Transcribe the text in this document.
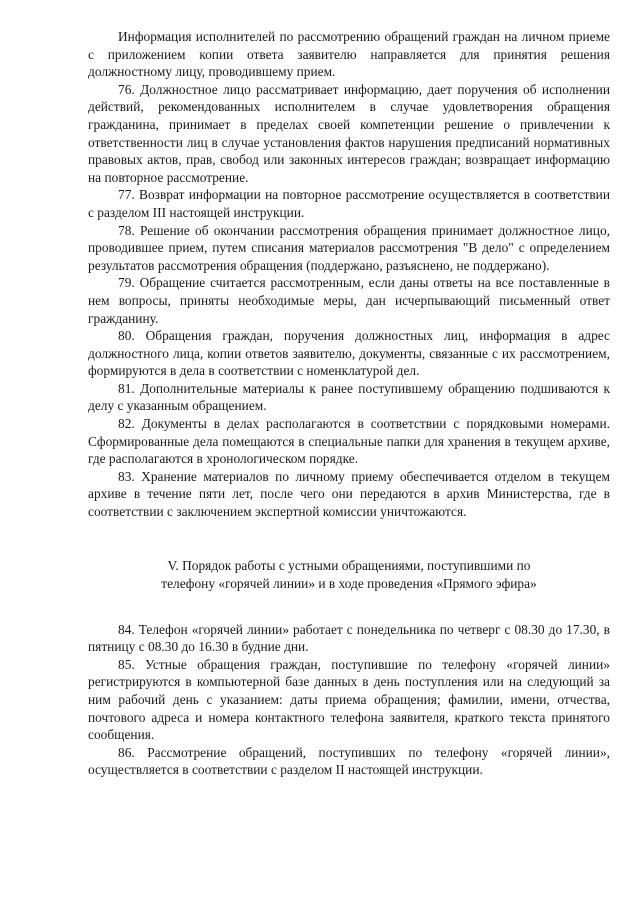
Информация исполнителей по рассмотрению обращений граждан на личном приеме с приложением копии ответа заявителю направляется для принятия решения должностному лицу, проводившему прием.

76. Должностное лицо рассматривает информацию, дает поручения об исполнении действий, рекомендованных исполнителем в случае удовлетворения обращения гражданина, принимает в пределах своей компетенции решение о привлечении к ответственности лиц в случае установления фактов нарушения предписаний нормативных правовых актов, прав, свобод или законных интересов граждан; возвращает информацию на повторное рассмотрение.

77. Возврат информации на повторное рассмотрение осуществляется в соответствии с разделом III настоящей инструкции.

78. Решение об окончании рассмотрения обращения принимает должностное лицо, проводившее прием, путем списания материалов рассмотрения "В дело" с определением результатов рассмотрения обращения (поддержано, разъяснено, не поддержано).

79. Обращение считается рассмотренным, если даны ответы на все поставленные в нем вопросы, приняты необходимые меры, дан исчерпывающий письменный ответ гражданину.

80. Обращения граждан, поручения должностных лиц, информация в адрес должностного лица, копии ответов заявителю, документы, связанные с их рассмотрением, формируются в дела в соответствии с номенклатурой дел.

81. Дополнительные материалы к ранее поступившему обращению подшиваются к делу с указанным обращением.

82. Документы в делах располагаются в соответствии с порядковыми номерами. Сформированные дела помещаются в специальные папки для хранения в текущем архиве, где располагаются в хронологическом порядке.

83. Хранение материалов по личному приему обеспечивается отделом в текущем архиве в течение пяти лет, после чего они передаются в архив Министерства, где в соответствии с заключением экспертной комиссии уничтожаются.

V. Порядок работы с устными обращениями, поступившими по
телефону «горячей линии» и в ходе проведения «Прямого эфира»

84. Телефон «горячей линии» работает с понедельника по четверг с 08.30 до 17.30, в пятницу с 08.30 до 16.30 в будние дни.

85. Устные обращения граждан, поступившие по телефону «горячей линии» регистрируются в компьютерной базе данных в день поступления или на следующий за ним рабочий день с указанием: даты приема обращения; фамилии, имени, отчества, почтового адреса и номера контактного телефона заявителя, краткого текста принятого сообщения.

86. Рассмотрение обращений, поступивших по телефону «горячей линии», осуществляется в соответствии с разделом II настоящей инструкции.
